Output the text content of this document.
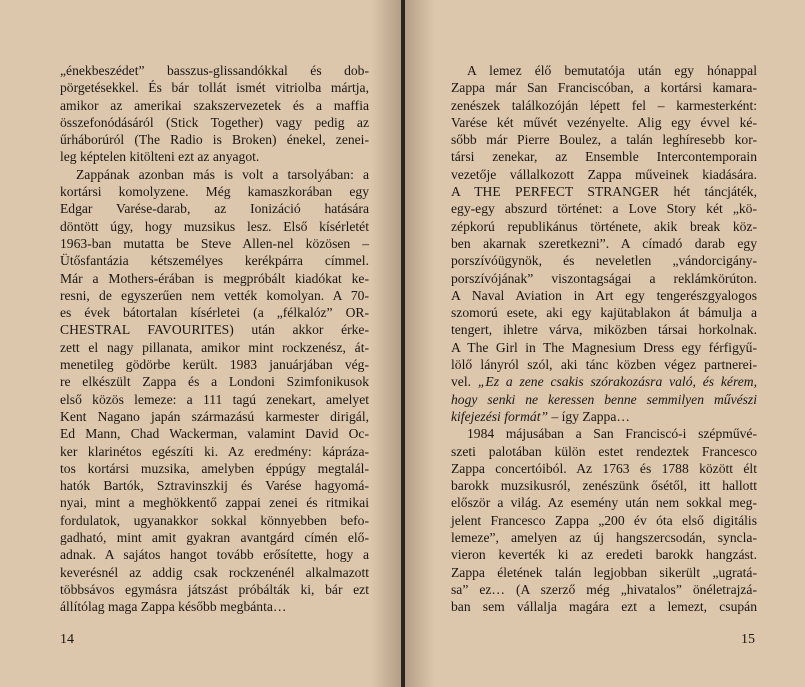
„énekbeszédet” basszus-glissandókkal és dob-
pörgetésekkel. És bár tollát ismét vitriolba mártja,
amikor az amerikai szakszervezetek és a maffia
összefonódásáról (Stick Together) vagy pedig az
űrháborúról (The Radio is Broken) énekel, zenei-
leg képtelen kitölteni ezt az anyagot.
Zappának azonban más is volt a tarsolyában: a
kortársi komolyzene. Még kamaszkorában egy
Edgar Varése-darab, az Ionizáció hatására
döntött úgy, hogy muzsikus lesz. Első kísérletét
1963-ban mutatta be Steve Allen-nel közösen –
Ütősfantázia kétszemélyes kerékpárra címmel.
Már a Mothers-érában is megpróbált kiadókat ke-
resni, de egyszerűen nem vették komolyan. A 70-
es évek bátortalan kísérletei (a „félkalóz” OR-
CHESTRAL FAVOURITES) után akkor érke-
zett el nagy pillanata, amikor mint rockzenész, át-
menetileg gödörbe került. 1983 januárjában vég-
re elkészült Zappa és a Londoni Szimfonikusok
első közös lemeze: a 111 tagú zenekart, amelyet
Kent Nagano japán származású karmester dirigál,
Ed Mann, Chad Wackerman, valamint David Oc-
ker klarinétos egészíti ki. Az eredmény: kápráza-
tos kortársi muzsika, amelyben éppúgy megtalál-
hatók Bartók, Sztravinszkij és Varése hagyomá-
nyai, mint a meghökkentő zappai zenei és ritmikai
fordulatok, ugyanakkor sokkal könnyebben befo-
gadható, mint amit gyakran avantgárd címén elő-
adnak. A sajátos hangot tovább erősítette, hogy a
keverésnél az addig csak rockzenénél alkalmazott
többsávos egymásra játszást próbálták ki, bár ezt
állítólag maga Zappa később megbánta…
14
A lemez élő bemutatója után egy hónappal
Zappa már San Franciscóban, a kortársi kamara-
zenészek találkozóján lépett fel – karmesterként:
Varése két művét vezényelte. Alig egy évvel ké-
sőbb már Pierre Boulez, a talán leghíresebb kor-
társi zenekar, az Ensemble Intercontemporain
vezetője vállalkozott Zappa műveinek kiadására.
A THE PERFECT STRANGER hét táncjáték,
egy-egy abszurd történet: a Love Story két „kö-
zépkorú republikánus története, akik break köz-
ben akarnak szeretkezni”. A címadó darab egy
porszívóügynök, és neveletlen „vándorcigány-
porszívójának” viszontagságai a reklámkörúton.
A Naval Aviation in Art egy tengerészgyalogos
szomorú esete, aki egy kajütablakon át bámulja a
tengert, ihletre várva, miközben társai horkolnak.
A The Girl in The Magnesium Dress egy férfigyű-
lölő lányról szól, aki tánc közben végez partnerei-
vel. „Ez a zene csakis szórakozásra való, és kérem,
hogy senki ne keressen benne semmilyen művészi
kifejezési formát” – így Zappa…
1984 májusában a San Franciscó-i szépművé-
szeti palotában külön estet rendeztek Francesco
Zappa concertóiból. Az 1763 és 1788 között élt
barokk muzsikusról, zenészünk ősétől, itt hallott
először a világ. Az esemény után nem sokkal meg-
jelent Francesco Zappa „200 év óta első digitális
lemeze”, amelyen az új hangszercsodán, syncla-
vieron keverték ki az eredeti barokk hangzást.
Zappa életének talán legjobban sikerült „ugratá-
sa” ez… (A szerző még „hivatalos” önéletrajzá-
ban sem vállalja magára ezt a lemezt, csupán
15
